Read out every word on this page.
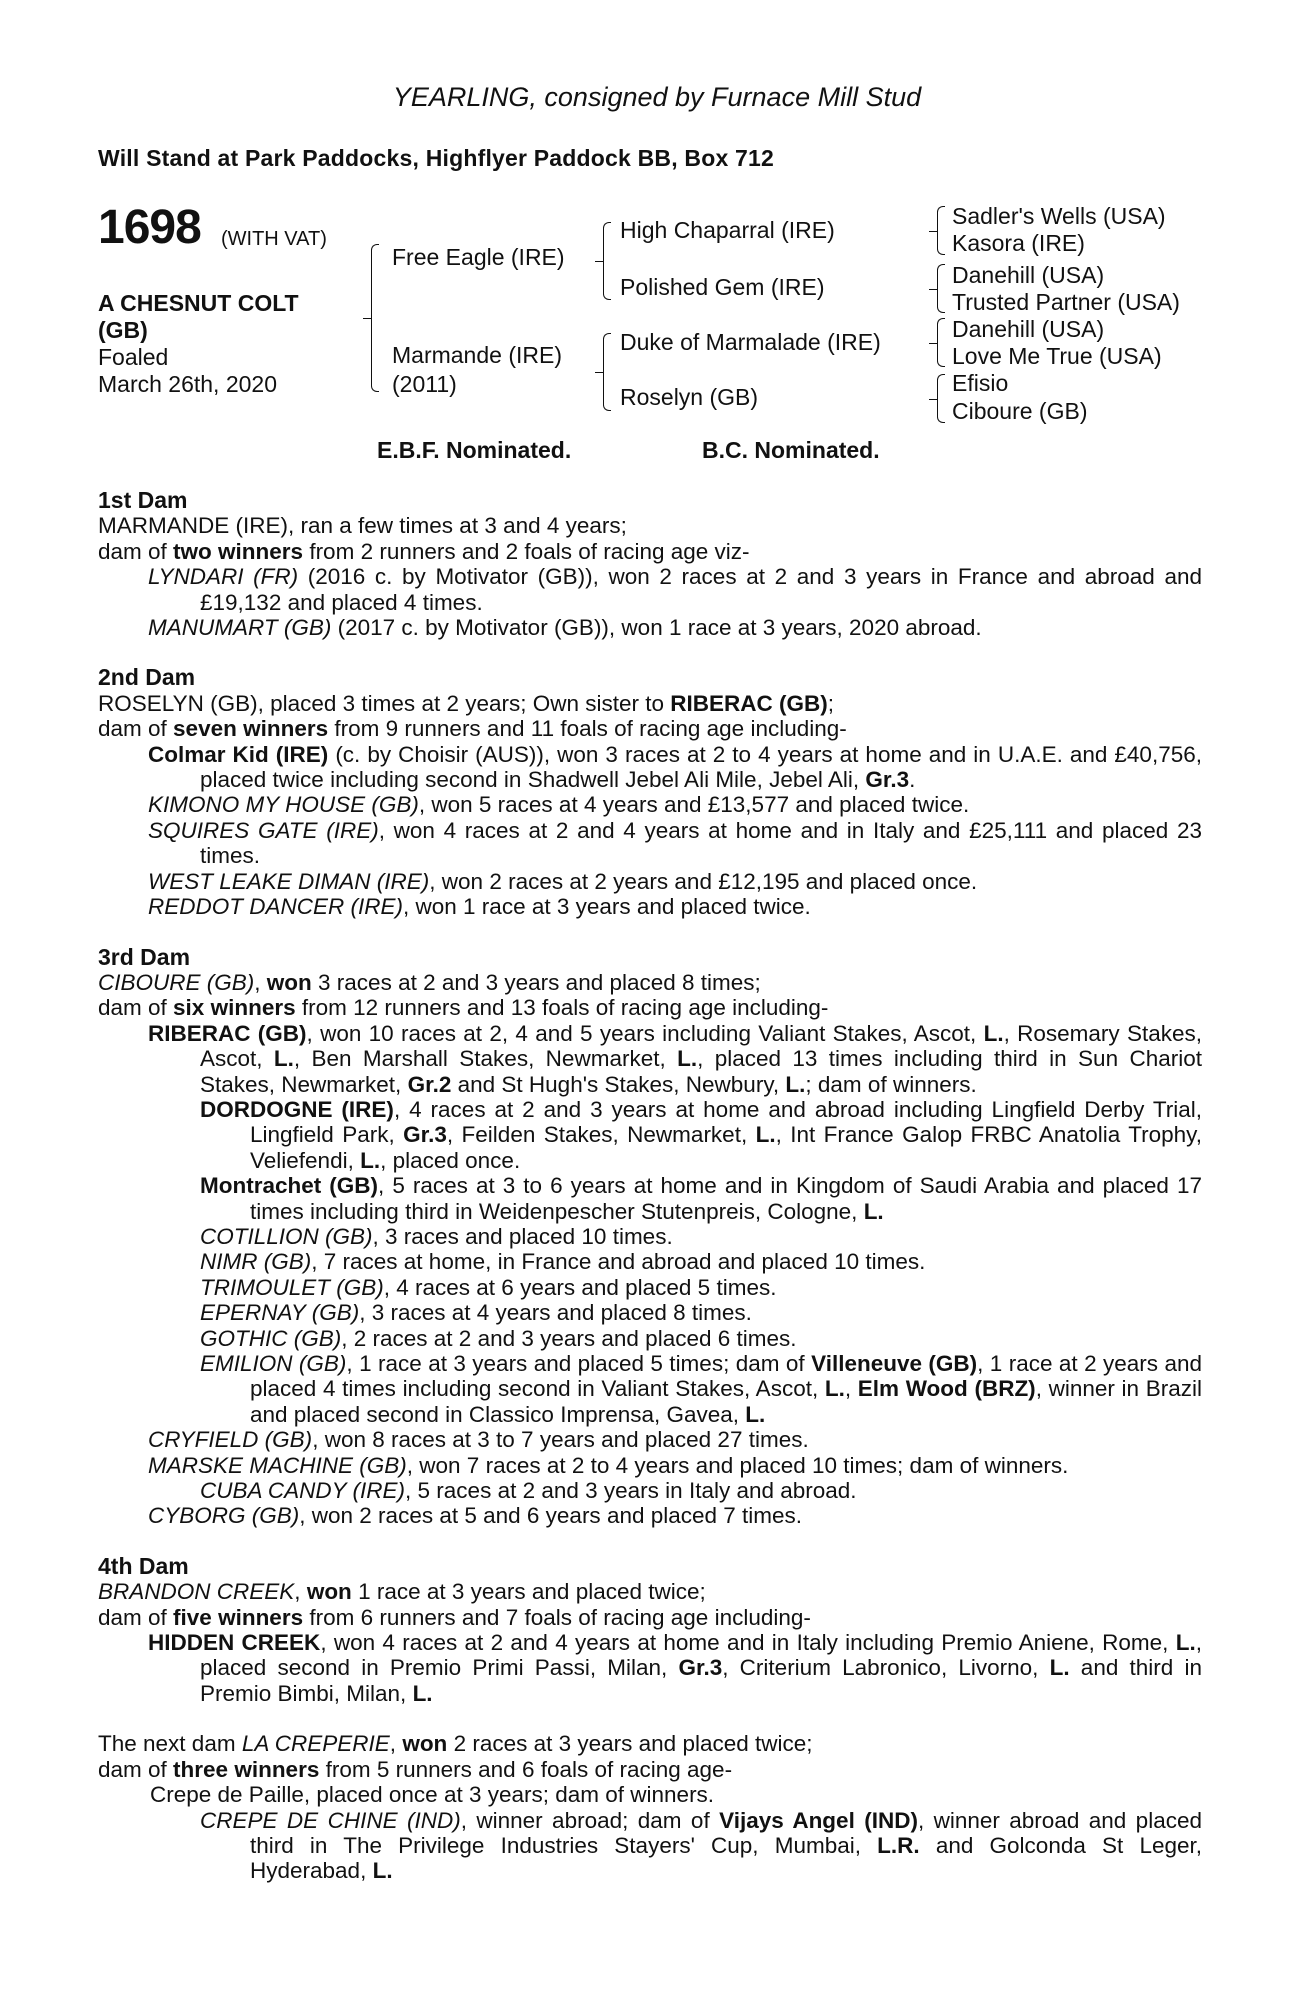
YEARLING, consigned by Furnace Mill Stud
Will Stand at Park Paddocks, Highflyer Paddock BB, Box 712
1698 (WITH VAT)
A CHESNUT COLT
(GB)
Foaled
March 26th, 2020
Free Eagle (IRE)
Marmande (IRE)
(2011)
High Chaparral (IRE)
Polished Gem (IRE)
Duke of Marmalade (IRE)
Roselyn (GB)
Sadler's Wells (USA)
Kasora (IRE)
Danehill (USA)
Trusted Partner (USA)
Danehill (USA)
Love Me True (USA)
Efisio
Ciboure (GB)
E.B.F. Nominated.	B.C. Nominated.

1st Dam

MARMANDE (IRE), ran a few times at 3 and 4 years;

dam of two winners from 2 runners and 2 foals of racing age viz-

LYNDARI (FR) (2016 c. by Motivator (GB)), won 2 races at 2 and 3 years in France and abroad and £19,132 and placed 4 times.

MANUMART (GB) (2017 c. by Motivator (GB)), won 1 race at 3 years, 2020 abroad.

2nd Dam

ROSELYN (GB), placed 3 times at 2 years; Own sister to RIBERAC (GB);

dam of seven winners from 9 runners and 11 foals of racing age including-

Colmar Kid (IRE) (c. by Choisir (AUS)), won 3 races at 2 to 4 years at home and in U.A.E. and £40,756, placed twice including second in Shadwell Jebel Ali Mile, Jebel Ali, Gr.3.

KIMONO MY HOUSE (GB), won 5 races at 4 years and £13,577 and placed twice.

SQUIRES GATE (IRE), won 4 races at 2 and 4 years at home and in Italy and £25,111 and placed 23 times.

WEST LEAKE DIMAN (IRE), won 2 races at 2 years and £12,195 and placed once.

REDDOT DANCER (IRE), won 1 race at 3 years and placed twice.

3rd Dam

CIBOURE (GB), won 3 races at 2 and 3 years and placed 8 times;

dam of six winners from 12 runners and 13 foals of racing age including-

RIBERAC (GB), won 10 races at 2, 4 and 5 years including Valiant Stakes, Ascot, L., Rosemary Stakes, Ascot, L., Ben Marshall Stakes, Newmarket, L., placed 13 times including third in Sun Chariot Stakes, Newmarket, Gr.2 and St Hugh's Stakes, Newbury, L.; dam of winners.

DORDOGNE (IRE), 4 races at 2 and 3 years at home and abroad including Lingfield Derby Trial, Lingfield Park, Gr.3, Feilden Stakes, Newmarket, L., Int France Galop FRBC Anatolia Trophy, Veliefendi, L., placed once.

Montrachet (GB), 5 races at 3 to 6 years at home and in Kingdom of Saudi Arabia and placed 17 times including third in Weidenpescher Stutenpreis, Cologne, L.

COTILLION (GB), 3 races and placed 10 times.

NIMR (GB), 7 races at home, in France and abroad and placed 10 times.

TRIMOULET (GB), 4 races at 6 years and placed 5 times.

EPERNAY (GB), 3 races at 4 years and placed 8 times.

GOTHIC (GB), 2 races at 2 and 3 years and placed 6 times.

EMILION (GB), 1 race at 3 years and placed 5 times; dam of Villeneuve (GB), 1 race at 2 years and placed 4 times including second in Valiant Stakes, Ascot, L., Elm Wood (BRZ), winner in Brazil and placed second in Classico Imprensa, Gavea, L.

CRYFIELD (GB), won 8 races at 3 to 7 years and placed 27 times.

MARSKE MACHINE (GB), won 7 races at 2 to 4 years and placed 10 times; dam of winners.

CUBA CANDY (IRE), 5 races at 2 and 3 years in Italy and abroad.

CYBORG (GB), won 2 races at 5 and 6 years and placed 7 times.

4th Dam

BRANDON CREEK, won 1 race at 3 years and placed twice;

dam of five winners from 6 runners and 7 foals of racing age including-

HIDDEN CREEK, won 4 races at 2 and 4 years at home and in Italy including Premio Aniene, Rome, L., placed second in Premio Primi Passi, Milan, Gr.3, Criterium Labronico, Livorno, L. and third in Premio Bimbi, Milan, L.

The next dam LA CREPERIE, won 2 races at 3 years and placed twice;

dam of three winners from 5 runners and 6 foals of racing age-

Crepe de Paille, placed once at 3 years; dam of winners.

CREPE DE CHINE (IND), winner abroad; dam of Vijays Angel (IND), winner abroad and placed third in The Privilege Industries Stayers' Cup, Mumbai, L.R. and Golconda St Leger, Hyderabad, L.
